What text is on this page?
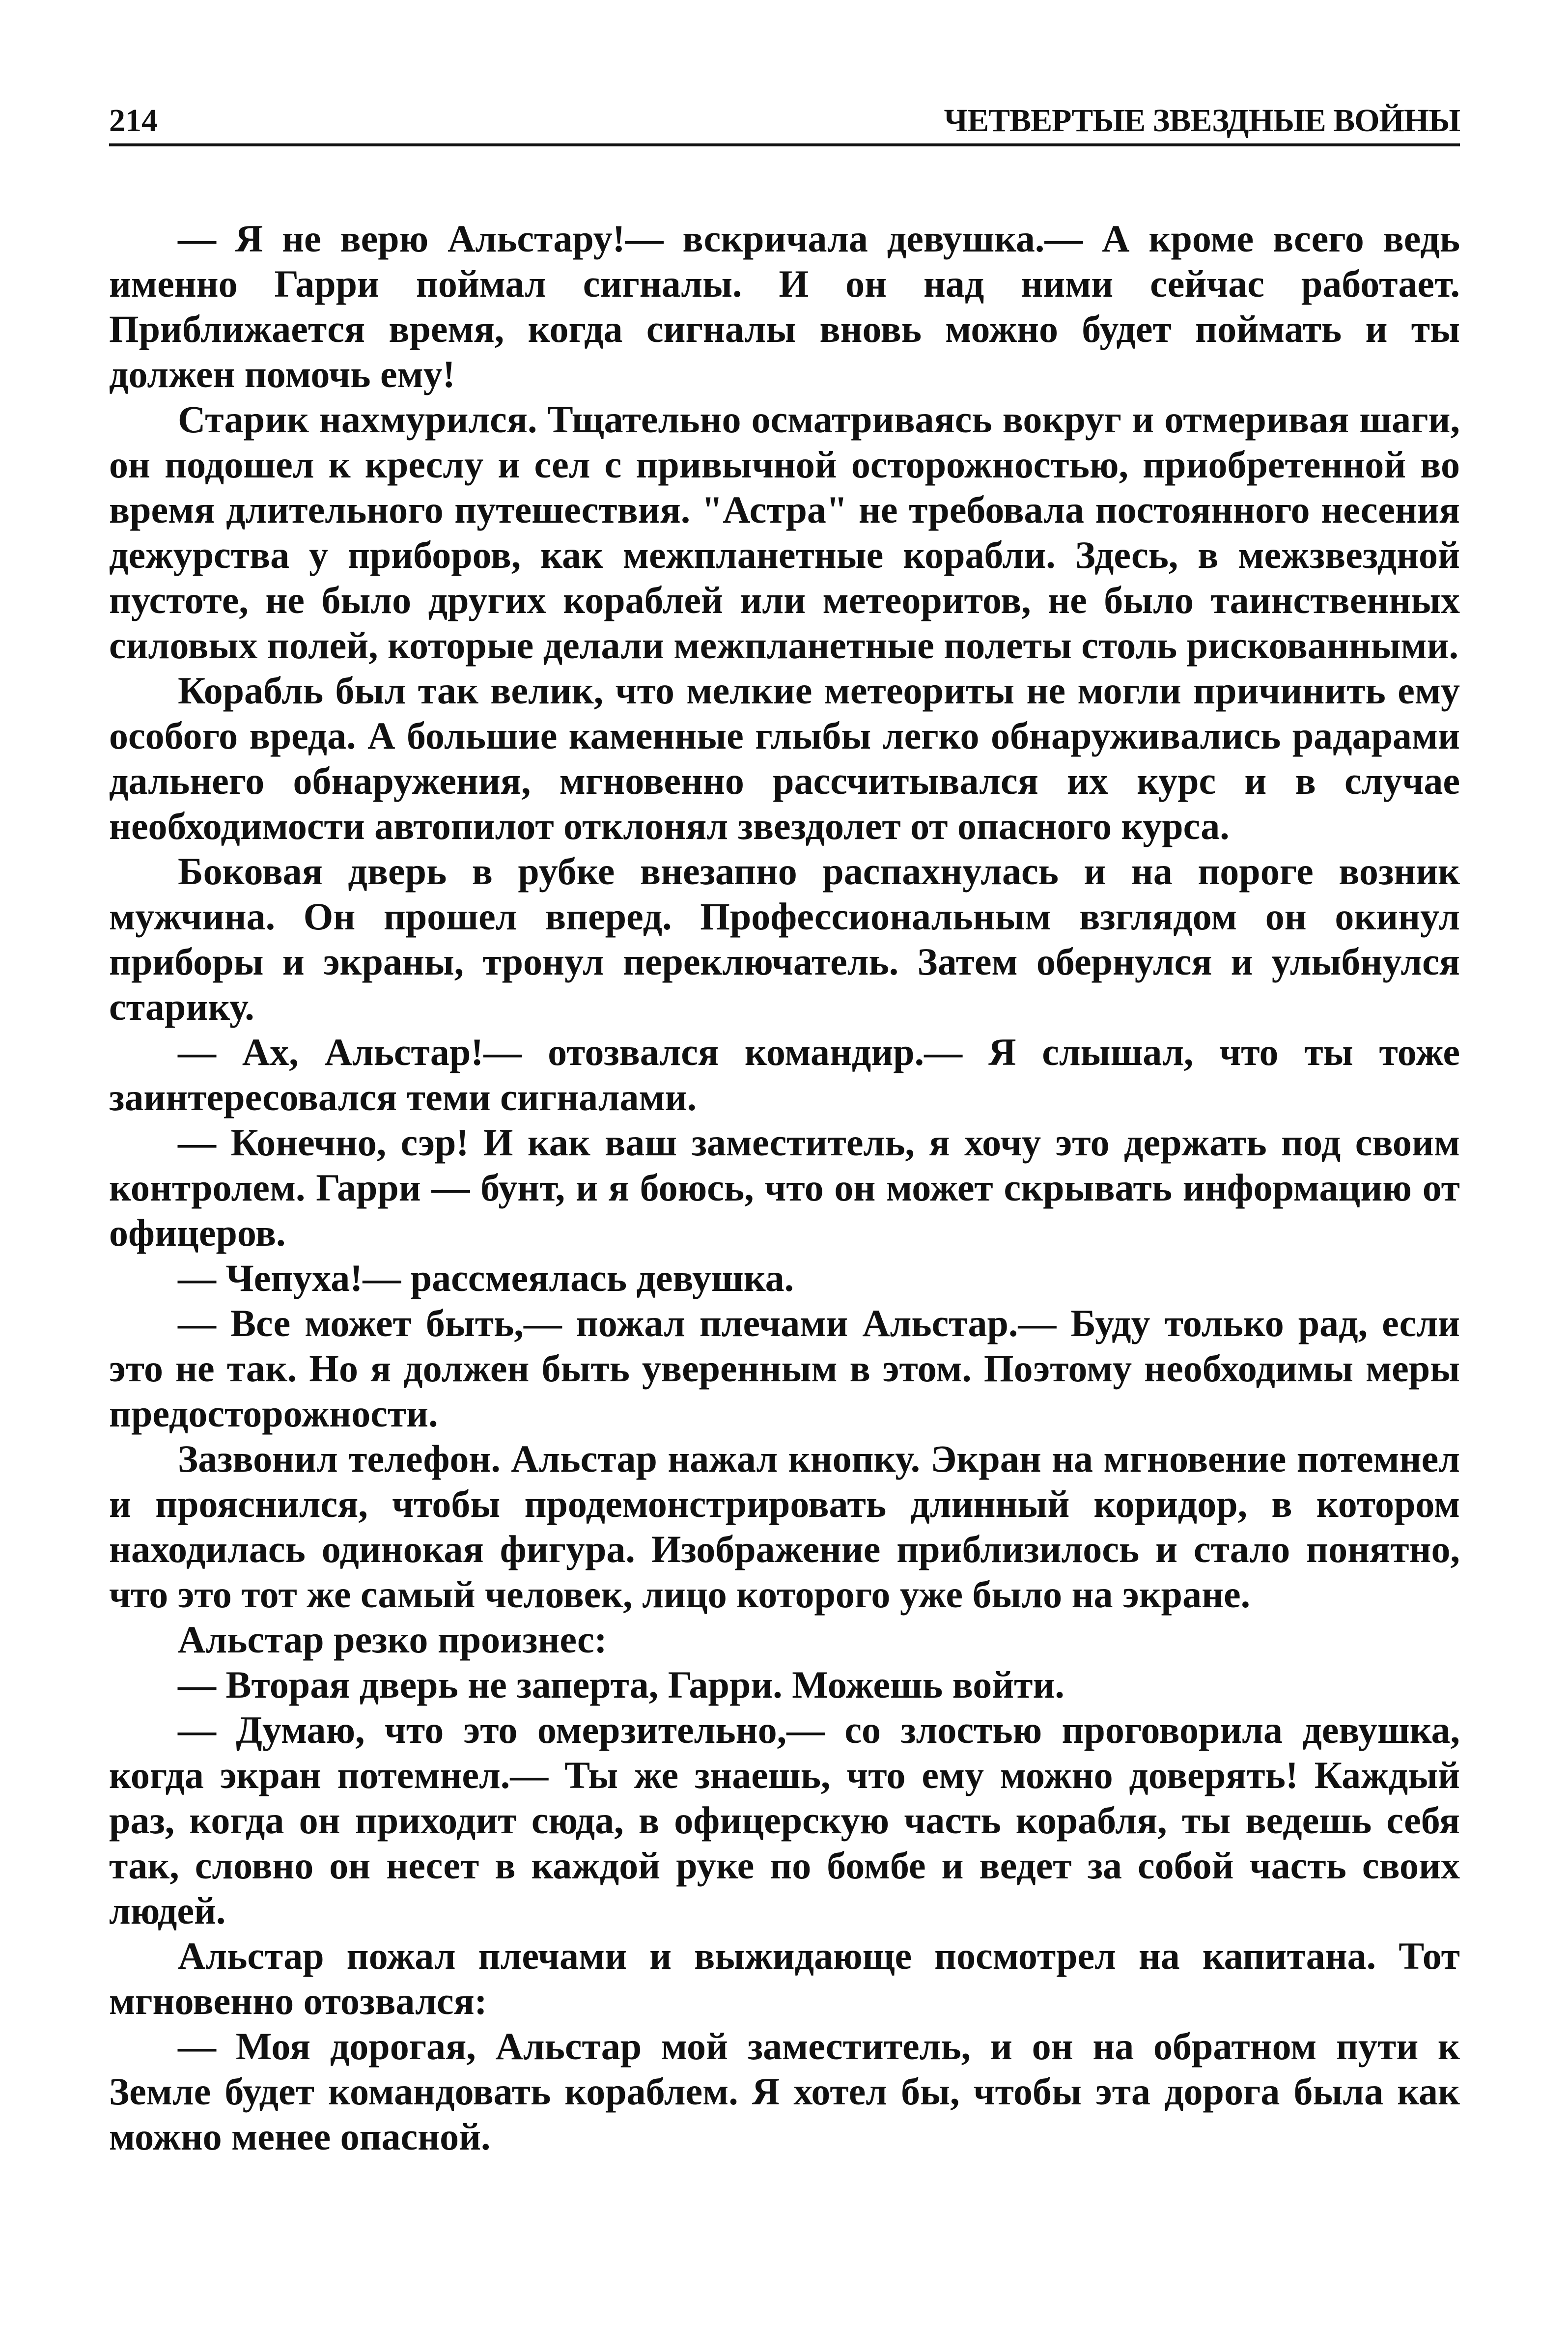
214	ЧЕТВЕРТЫЕ ЗВЕЗДНЫЕ ВОЙНЫ

— Я не верю Альстару!— вскричала девушка.— А кроме всего ведь именно Гарри поймал сигналы. И он над ними сейчас работает. Приближается время, когда сигналы вновь можно будет поймать и ты должен помочь ему!

Старик нахмурился. Тщательно осматриваясь вокруг и отмеривая шаги, он подошел к креслу и сел с привычной осторожностью, приобретенной во время длительного путешествия. "Астра" не требовала постоянного несения дежурства у приборов, как межпланетные корабли. Здесь, в межзвездной пустоте, не было других кораблей или метеоритов, не было таинственных силовых полей, которые делали межпланетные полеты столь рискованными.

Корабль был так велик, что мелкие метеориты не могли причинить ему особого вреда. А большие каменные глыбы легко обнаруживались радарами дальнего обнаружения, мгновенно рассчитывался их курс и в случае необходимости автопилот отклонял звездолет от опасного курса.

Боковая дверь в рубке внезапно распахнулась и на пороге возник мужчина. Он прошел вперед. Профессиональным взглядом он окинул приборы и экраны, тронул переключатель. Затем обернулся и улыбнулся старику.

— Ах, Альстар!— отозвался командир.— Я слышал, что ты тоже заинтересовался теми сигналами.

— Конечно, сэр! И как ваш заместитель, я хочу это держать под своим контролем. Гарри — бунт, и я боюсь, что он может скрывать информацию от офицеров.

— Чепуха!— рассмеялась девушка.

— Все может быть,— пожал плечами Альстар.— Буду только рад, если это не так. Но я должен быть уверенным в этом. Поэтому необходимы меры предосторожности.

Зазвонил телефон. Альстар нажал кнопку. Экран на мгновение потемнел и прояснился, чтобы продемонстрировать длинный коридор, в котором находилась одинокая фигура. Изображение приблизилось и стало понятно, что это тот же самый человек, лицо которого уже было на экране.

Альстар резко произнес:

— Вторая дверь не заперта, Гарри. Можешь войти.

— Думаю, что это омерзительно,— со злостью проговорила девушка, когда экран потемнел.— Ты же знаешь, что ему можно доверять! Каждый раз, когда он приходит сюда, в офицерскую часть корабля, ты ведешь себя так, словно он несет в каждой руке по бомбе и ведет за собой часть своих людей.

Альстар пожал плечами и выжидающе посмотрел на капитана. Тот мгновенно отозвался:

— Моя дорогая, Альстар мой заместитель, и он на обратном пути к Земле будет командовать кораблем. Я хотел бы, чтобы эта дорога была как можно менее опасной.
